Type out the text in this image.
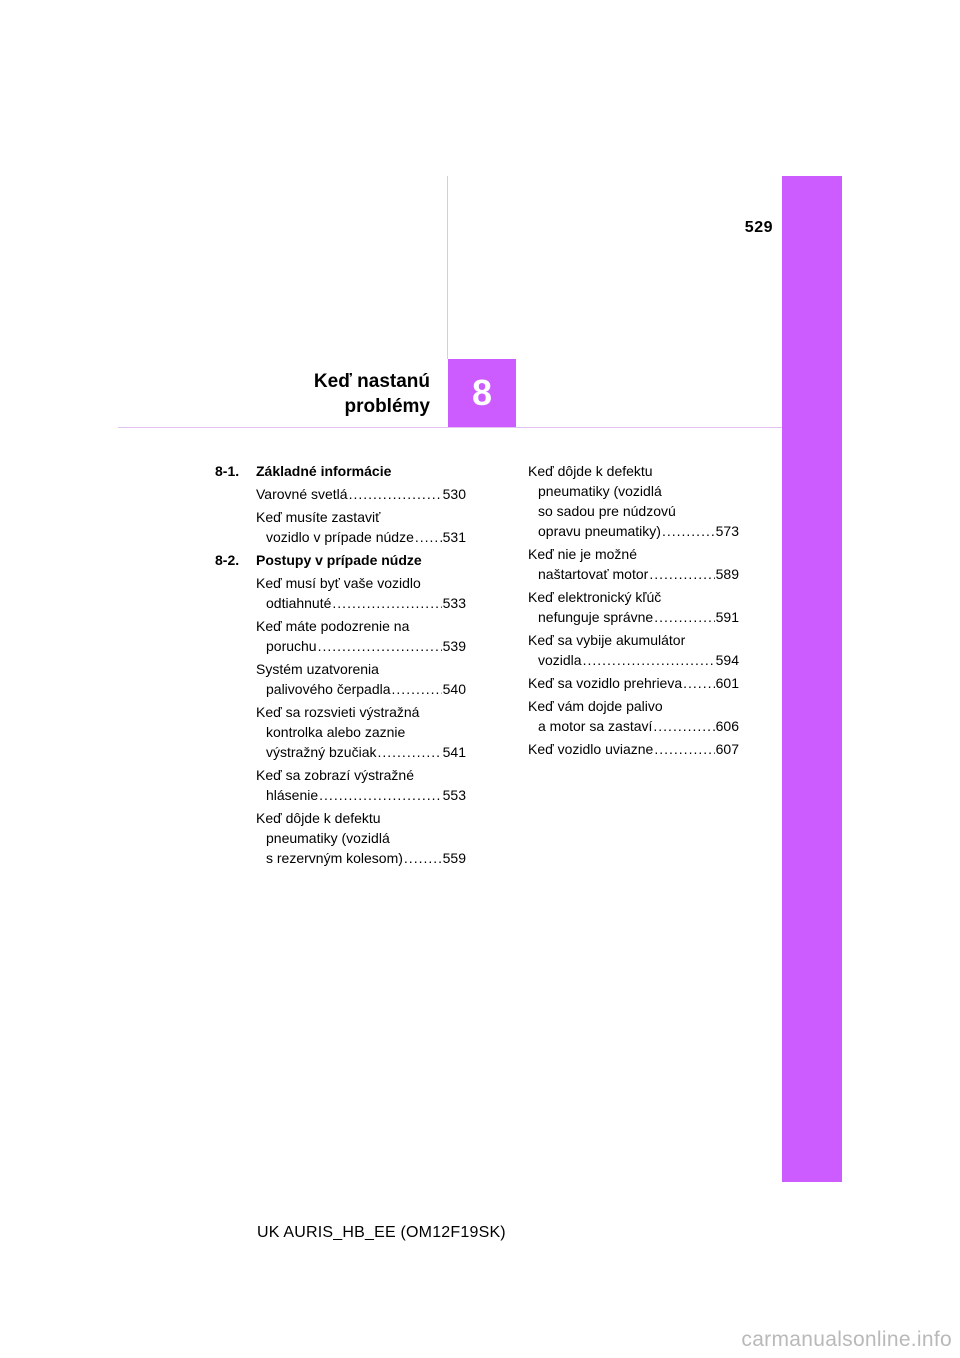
529
8
Keď nastanú
problémy
8-1. Základné informácie
Varovné svetlá .....	530
Keď musíte zastaviť
vozidlo v prípade núdze ..... 531
8-2. Postupy v prípade núdze
Keď musí byť vaše vozidlo
odtiahnuté .....	533
Keď máte podozrenie na
poruchu .....	539
Systém uzatvorenia
palivového čerpadla .....	540
Keď sa rozsvieti výstražná
kontrolka alebo zaznie
výstražný bzučiak .....	541
Keď sa zobrazí výstražné
hlásenie .....	553
Keď dôjde k defektu
pneumatiky (vozidlá
s rezervným kolesom) .....	559
Keď dôjde k defektu
pneumatiky (vozidlá
so sadou pre núdzovú
opravu pneumatiky) .....	573
Keď nie je možné
naštartovať motor .....	589
Keď elektronický kľúč
nefunguje správne .....	591
Keď sa vybije akumulátor
vozidla .....	594
Keď sa vozidlo prehrieva ..... 601
Keď vám dojde palivo
a motor sa zastaví .....	606
Keď vozidlo uviazne .....	607
UK AURIS_HB_EE (OM12F19SK)
carmanualsonline.info
